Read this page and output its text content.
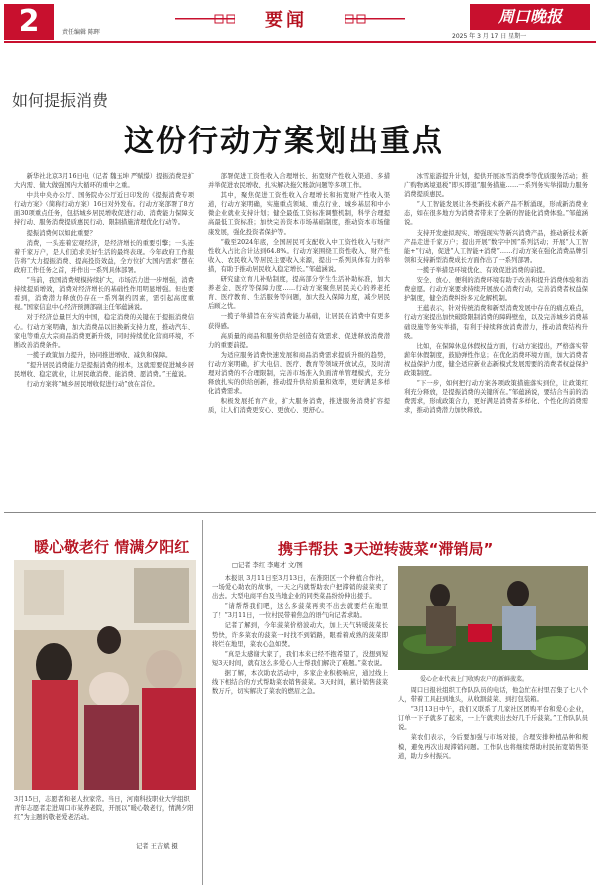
2	责任编辑 陈晖
要闻	周口晚报
2025 年 3 月 17 日 星期一
如何提振消费
这份行动方案划出重点

新华社北京3月16日电（记者 魏玉坤 严赋憬）提振消费是扩大内需、做大做强国内大循环的重中之重。

中共中央办公厅、国务院办公厅近日印发的《提振消费专项行动方案》（简称行动方案）16日对外发布。行动方案部署了8方面30项重点任务，包括城乡居民增收促进行动、消费能力保障支持行动、服务消费提质惠民行动、限制措施清理优化行动等。

提振消费何以如此重要？

消费，一头连着宏观经济，是经济增长的重要引擎；一头连着千家万户，是人们追求美好生活的最终表现。今年政府工作报告将“大力提振消费、提高投资效益，全方位扩大国内需求”摆在政府工作任务之首，并作出一系列具体部署。

“当前，我国消费规模持续扩大，市场活力进一步增强，消费持续提质增效，消费对经济增长的基础性作用明显增强。但也要看到，消费潜力释放仍存在一系列制约因素，需引起高度重视。”国家信息中心经济预测部副主任邹蕴涵说。

对于经济总量巨大的中国，稳定消费的关键在于提振消费信心。行动方案明确，加大消费品以旧换新支持力度，推动汽车、家电等重点大宗商品消费更新升级，同时持续优化营商环境，不断改善消费条件。

一揽子政策加力提升，协同推进增收、减负和保障。

“提升居民消费能力是提振消费的根本，这就需要促进城乡居民增收、稳定就业，让居民敢消费、能消费、愿消费。”王蕴说。

行动方案将“城乡居民增收促进行动”放在首位。

部署促进工资性收入合理增长、拓宽财产性收入渠道、多措并举促进农民增收、扎实解决拖欠账款问题等多项工作。

其中，聚焦促进工资性收入合理增长和拓宽财产性收入渠道，行动方案明确，实施重点领域、重点行业、城乡基层和中小微企业就业支持计划；健全最低工资标准调整机制，科学合理提高最低工资标准；加快完善资本市场基础制度，推动资本市场健康发展，强化投资者保护等。

“截至2024年底，全国居民可支配收入中工资性收入与财产性收入占比合计达到64.8%。行动方案围绕工资性收入、财产性收入、农民收入等居民主要收入来源，提出一系列具体有力的举措，有助于推动居民收入稳定增长。”邹蕴涵说。

研究建立育儿补贴制度，提高部分学生生活补助标准，加大养老金、医疗等保障力度……行动方案聚焦居民关心的养老托育、医疗教育、生活服务等问题，加大投入保障力度，减少居民后顾之忧。

一揽子举措旨在夯实消费能力基础，让居民在消费中有更多获得感。

高质量的商品和服务供给是创造有效需求、促进释放消费潜力的重要前提。

为适应服务消费快速发展和商品消费需求提质升级的趋势，行动方案明确，扩大电信、医疗、教育等领域开放试点，及时清理对消费的不合理限制，完善市场准入负面清单管理模式，充分释放扎实的供给创新，推动提升供给质量和效率，更好满足多样化消费需求。

积极发展托育产业，扩大服务消费，推进服务消费扩容提质，让人们消费更安心、更放心、更舒心。

冰雪旅游提升计划，提供开展冰雪消费季等优质服务活动；推广购物离境退税“即买即退”服务措施……一系列务实举措助力服务消费提质惠民。

“人工智能发展让各类新技术新产品不断涌现，形成新消费业态，如在很多地方为消费者带来了全新的智能化消费体验。”邹蕴涵说。

支持开发虚拟现实、增强现实等新兴消费产品，推动新技术新产品走进千家万户；提出开展“数字中国”系列活动；开展“人工智能+”行动，促进“人工智能+消费”……行动方案在强化消费品牌引领和支持新型消费成长方面作出了一系列部署。

一揽子举措是环境优化、有效促进消费的前提。

安全、放心、便利的消费环境有助于改善和提升消费体验和消费意愿。行动方案要求持续开展放心消费行动，完善消费者权益保护制度，健全消费纠纷多元化解机制。

王蕴表示，针对传统消费和新型消费发展中存在的痛点难点，行动方案提出加快破除限制消费的障碍壁垒，以及完善城乡消费基础设施等务实举措，有利于持续释放消费潜力，推动消费结构升级。

比如，在保障休息休假权益方面，行动方案提出，严格落实带薪年休假制度，鼓励弹性作息；在优化消费环境方面，加大消费者权益保护力度，健全适应新业态新模式发展需要的消费者权益保护政策制度。

“下一步，如何把行动方案各项政策措施落实到位，让政策红利充分释放，是提振消费的关键所在。”邹蕴涵说，要结合当前的消费需求，形成政策合力，更好满足消费者多样化、个性化的消费需求，推动消费潜力加快释放。

暖心敬老行 情满夕阳红
3月15日，志愿者和老人拉家常。当日，河南科技职业大学组织青年志愿者走进周口市某养老院，开展以“暖心敬老行，情满夕阳红”为主题的敬老爱老活动。
记者 王吉斌 摄
携手帮扶 3天逆转菠菜“滞销局”
□记者 李红 李庵才 文/图

本报讯 3月11日至3月13日，在淮阳区一个种植合作社，一场爱心助农的故事，一天之内就帮助农户把滞销的菠菜卖了出去。大型电商平台及当地企业的同类菜品纷纷伸出援手。

“请帮帮我们吧，这么多菠菜再卖不出去就要烂在地里了！”3月11日，一位村民带着焦急的语气向记者求助。

记者了解到，今年菠菜价格波动大，加上天气转暖菠菜长势快，许多菜农的菠菜一时找不到销路，眼看着成熟的菠菜即将烂在地里，菜农心急如焚。

“真是太感谢大家了，我们本来已经不抱希望了，没想到短短3天时间，就有这么多爱心人士帮我们解决了难题。”菜农说。

据了解，本次助农活动中，多家企业积极响应，通过线上线下相结合的方式帮助菜农销售菠菜。3天时间，累计销售菠菜数万斤，切实解决了菜农的燃眉之急。

爱心企业代表上门收购农户的新鲜菠菜。

周口日报社组织工作队队员的电话，他急忙在村里召集了七八个人，带着工具赶到地头，从收割菠菜、到打包装箱。

“3月13日中午，我们又联系了几家社区团购平台和爱心企业，订单一下子就多了起来，一上午就卖出去好几千斤菠菜。”工作队队员说。

菜农们表示，今后要加强与市场对接，合理安排种植品种和规模，避免再次出现滞销问题。工作队也将继续帮助村民拓宽销售渠道，助力乡村振兴。
